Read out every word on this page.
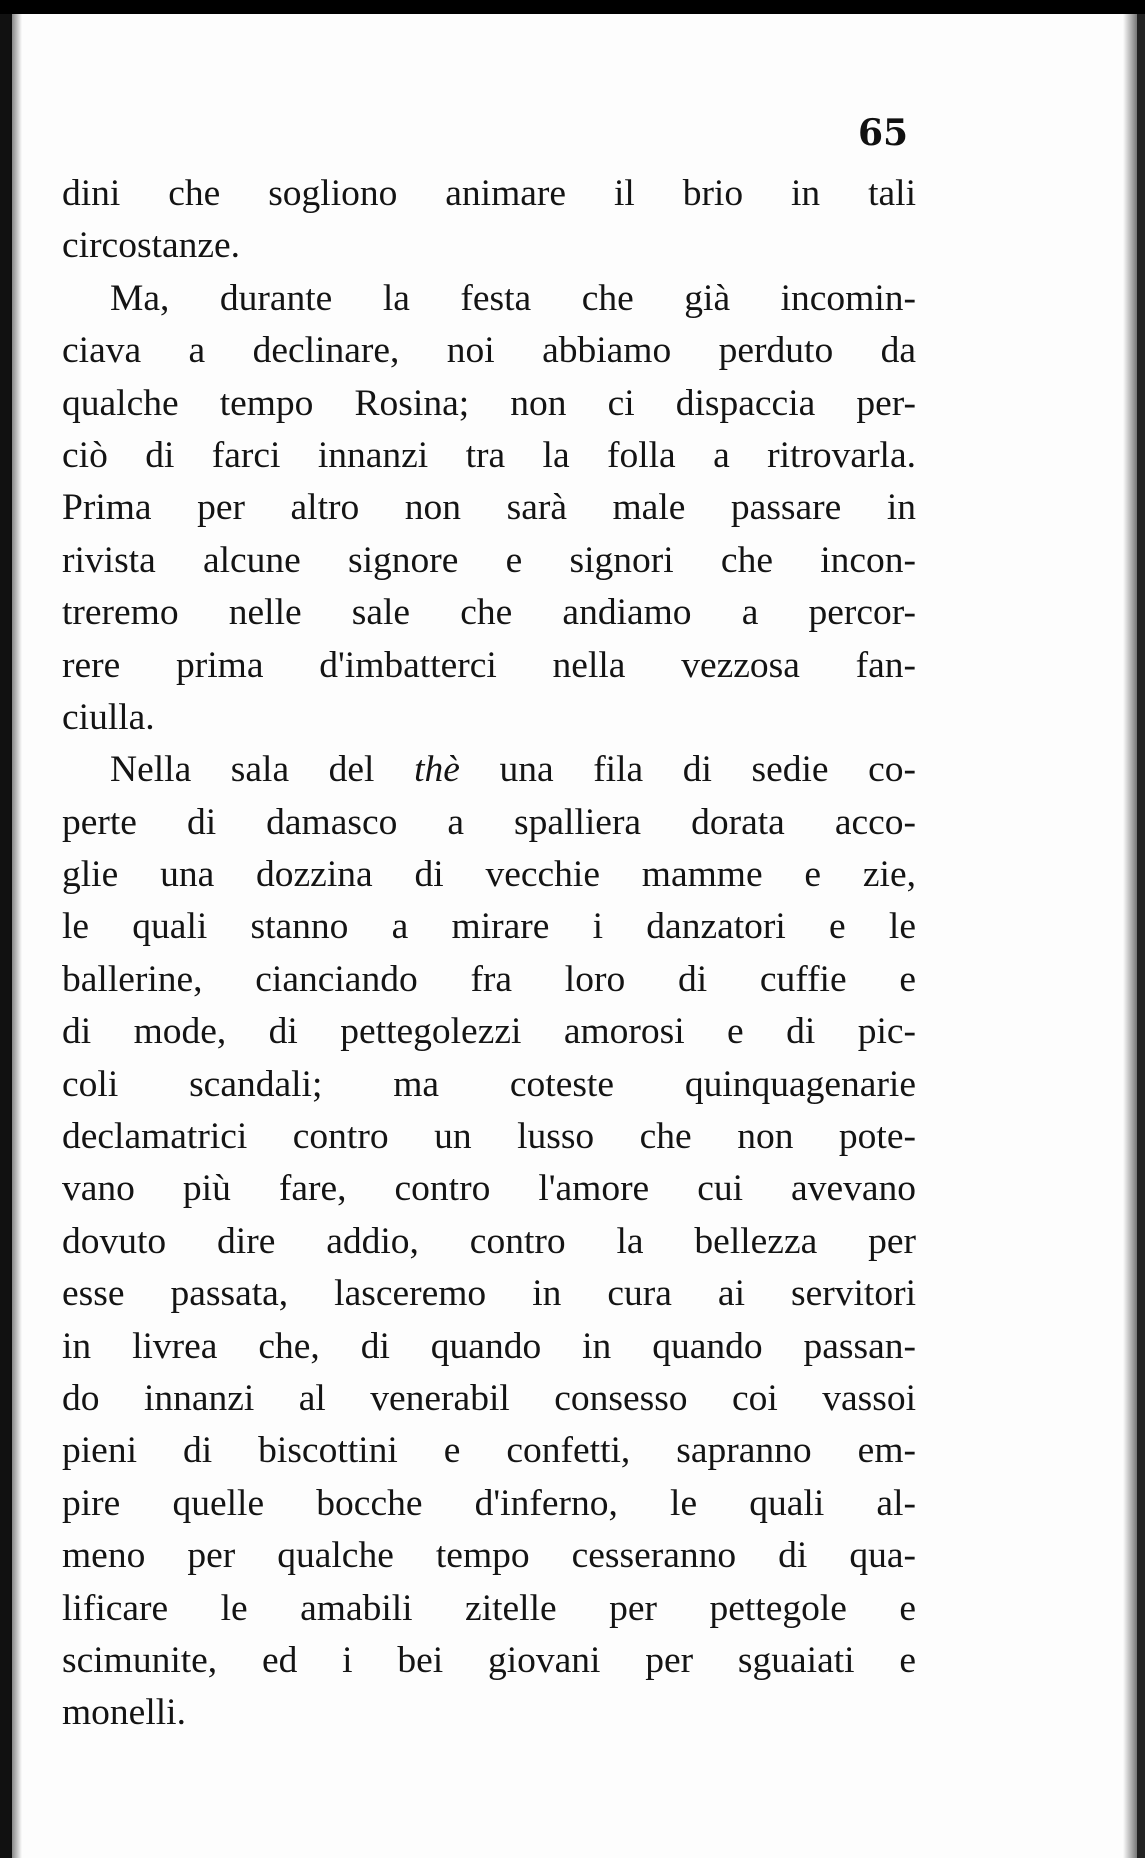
65
dini che sogliono animare il brio in tali
circostanze.
Ma, durante la festa che già incomin-
ciava a declinare, noi abbiamo perduto da
qualche tempo Rosina; non ci dispaccia per-
ciò di farci innanzi tra la folla a ritrovarla.
Prima per altro non sarà male passare in
rivista alcune signore e signori che incon-
treremo nelle sale che andiamo a percor-
rere prima d'imbatterci nella vezzosa fan-
ciulla.
Nella sala del thè una fila di sedie co-
perte di damasco a spalliera dorata acco-
glie una dozzina di vecchie mamme e zie,
le quali stanno a mirare i danzatori e le
ballerine, cianciando fra loro di cuffie e
di mode, di pettegolezzi amorosi e di pic-
coli scandali; ma coteste quinquagenarie
declamatrici contro un lusso che non pote-
vano più fare, contro l'amore cui avevano
dovuto dire addio, contro la bellezza per
esse passata, lasceremo in cura ai servitori
in livrea che, di quando in quando passan-
do innanzi al venerabil consesso coi vassoi
pieni di biscottini e confetti, sapranno em-
pire quelle bocche d'inferno, le quali al-
meno per qualche tempo cesseranno di qua-
lificare le amabili zitelle per pettegole e
scimunite, ed i bei giovani per sguaiati e
monelli.
